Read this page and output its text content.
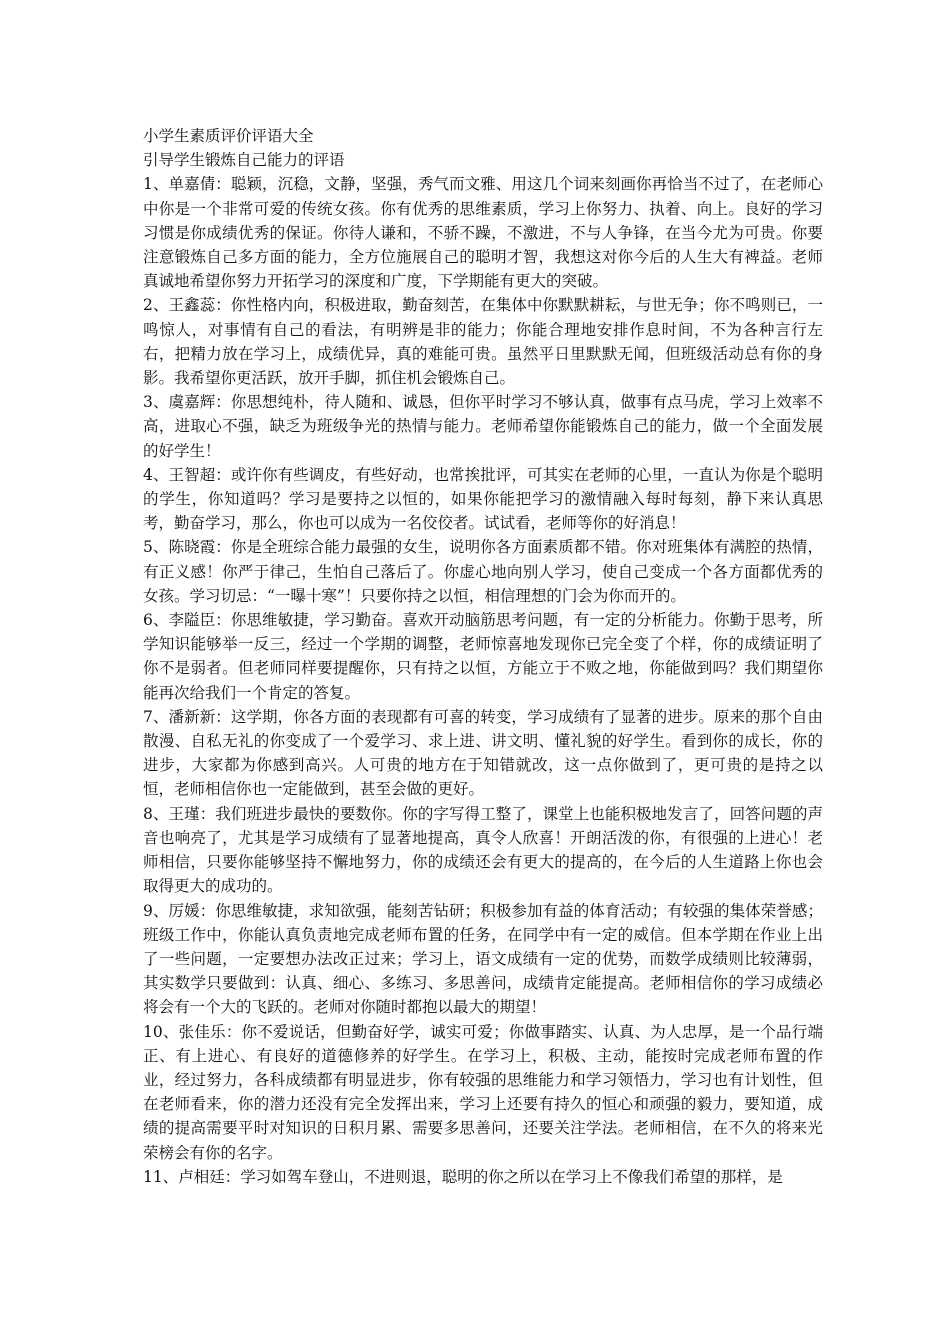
小学生素质评价评语大全

引导学生锻炼自己能力的评语

1、单嘉倩：聪颖，沉稳，文静，坚强，秀气而文雅、用这几个词来刻画你再恰当不过了，在老师心中你是一个非常可爱的传统女孩。你有优秀的思维素质，学习上你努力、执着、向上。良好的学习习惯是你成绩优秀的保证。你待人谦和，不骄不躁，不激进，不与人争锋，在当今尤为可贵。你要注意锻炼自己多方面的能力，全方位施展自己的聪明才智，我想这对你今后的人生大有裨益。老师真诚地希望你努力开拓学习的深度和广度，下学期能有更大的突破。

2、王鑫蕊：你性格内向，积极进取，勤奋刻苦，在集体中你默默耕耘，与世无争；你不鸣则已，一鸣惊人，对事情有自己的看法，有明辨是非的能力；你能合理地安排作息时间，不为各种言行左右，把精力放在学习上，成绩优异，真的难能可贵。虽然平日里默默无闻，但班级活动总有你的身影。我希望你更活跃，放开手脚，抓住机会锻炼自己。

3、虞嘉辉：你思想纯朴，待人随和、诚恳，但你平时学习不够认真，做事有点马虎，学习上效率不高，进取心不强，缺乏为班级争光的热情与能力。老师希望你能锻炼自己的能力，做一个全面发展的好学生！

4、王智超：或许你有些调皮，有些好动，也常挨批评，可其实在老师的心里，一直认为你是个聪明的学生，你知道吗？学习是要持之以恒的，如果你能把学习的激情融入每时每刻，静下来认真思考，勤奋学习，那么，你也可以成为一名佼佼者。试试看，老师等你的好消息！

5、陈晓霞：你是全班综合能力最强的女生，说明你各方面素质都不错。你对班集体有满腔的热情，有正义感！你严于律己，生怕自己落后了。你虚心地向别人学习，使自己变成一个各方面都优秀的女孩。学习切忌：“一曝十寒”！只要你持之以恒，相信理想的门会为你而开的。

6、李隘臣：你思维敏捷，学习勤奋。喜欢开动脑筋思考问题，有一定的分析能力。你勤于思考，所学知识能够举一反三，经过一个学期的调整，老师惊喜地发现你已完全变了个样，你的成绩证明了你不是弱者。但老师同样要提醒你，只有持之以恒，方能立于不败之地，你能做到吗？我们期望你能再次给我们一个肯定的答复。

7、潘新新：这学期，你各方面的表现都有可喜的转变，学习成绩有了显著的进步。原来的那个自由散漫、自私无礼的你变成了一个爱学习、求上进、讲文明、懂礼貌的好学生。看到你的成长，你的进步，大家都为你感到高兴。人可贵的地方在于知错就改，这一点你做到了，更可贵的是持之以恒，老师相信你也一定能做到，甚至会做的更好。

8、王瑾：我们班进步最快的要数你。你的字写得工整了，课堂上也能积极地发言了，回答问题的声音也响亮了，尤其是学习成绩有了显著地提高，真令人欣喜！开朗活泼的你，有很强的上进心！老师相信，只要你能够坚持不懈地努力，你的成绩还会有更大的提高的，在今后的人生道路上你也会取得更大的成功的。

9、厉媛：你思维敏捷，求知欲强，能刻苦钻研；积极参加有益的体育活动；有较强的集体荣誉感；班级工作中，你能认真负责地完成老师布置的任务，在同学中有一定的威信。但本学期在作业上出了一些问题，一定要想办法改正过来；学习上，语文成绩有一定的优势，而数学成绩则比较薄弱，其实数学只要做到：认真、细心、多练习、多思善问，成绩肯定能提高。老师相信你的学习成绩必将会有一个大的飞跃的。老师对你随时都抱以最大的期望！

10、张佳乐：你不爱说话，但勤奋好学，诚实可爱；你做事踏实、认真、为人忠厚，是一个品行端正、有上进心、有良好的道德修养的好学生。在学习上，积极、主动，能按时完成老师布置的作业，经过努力，各科成绩都有明显进步，你有较强的思维能力和学习领悟力，学习也有计划性，但在老师看来，你的潜力还没有完全发挥出来，学习上还要有持久的恒心和顽强的毅力，要知道，成绩的提高需要平时对知识的日积月累、需要多思善问，还要关注学法。老师相信，在不久的将来光荣榜会有你的名字。

11、卢相廷：学习如驾车登山，不进则退，聪明的你之所以在学习上不像我们希望的那样，是
